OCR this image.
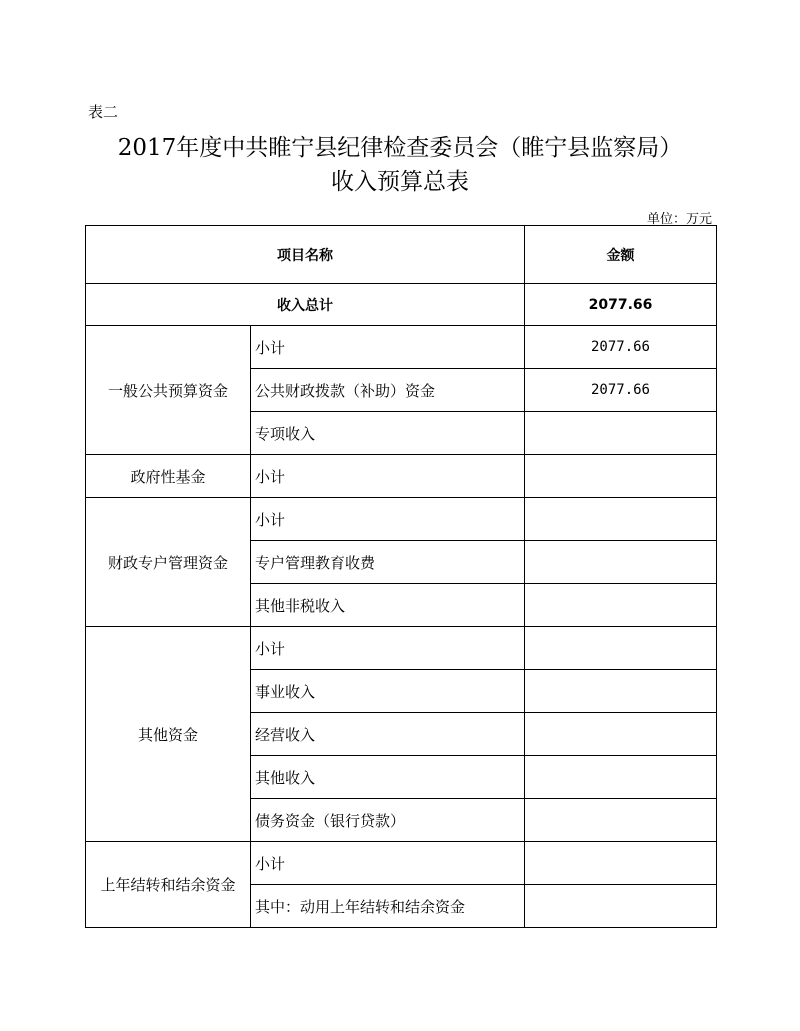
表二
2017年度中共睢宁县纪律检查委员会（睢宁县监察局）
收入预算总表
单位：万元
项目名称		金额
收入总计		2077.66
一般公共预算资金	小计	2077.66
	公共财政拨款（补助）资金	2077.66
	专项收入	
政府性基金	小计	
财政专户管理资金	小计	
	专户管理教育收费	
	其他非税收入	
其他资金	小计	
	事业收入	
	经营收入	
	其他收入	
	债务资金（银行贷款）	
上年结转和结余资金	小计	
	其中：动用上年结转和结余资金	
